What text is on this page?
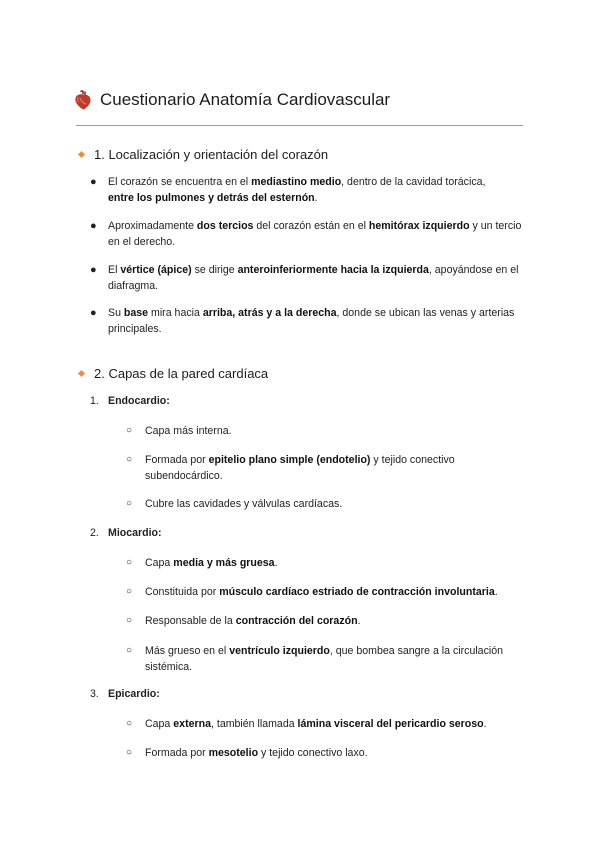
Cuestionario Anatomía Cardiovascular
1. Localización y orientación del corazón
● El corazón se encuentra en el mediastino medio, dentro de la cavidad torácica,
entre los pulmones y detrás del esternón.
● Aproximadamente dos tercios del corazón están en el hemitórax izquierdo y un tercio en el derecho.
● El vértice (ápice) se dirige anteroinferiormente hacia la izquierda, apoyándose en el diafragma.
● Su base mira hacia arriba, atrás y a la derecha, donde se ubican las venas y arterias principales.
2. Capas de la pared cardíaca
1. Endocardio:
○ Capa más interna.
○ Formada por epitelio plano simple (endotelio) y tejido conectivo subendocárdico.
○ Cubre las cavidades y válvulas cardíacas.
2. Miocardio:
○ Capa media y más gruesa.
○ Constituida por músculo cardíaco estriado de contracción involuntaria.
○ Responsable de la contracción del corazón.
○ Más grueso en el ventrículo izquierdo, que bombea sangre a la circulación sistémica.
3. Epicardio:
○ Capa externa, también llamada lámina visceral del pericardio seroso.
○ Formada por mesotelio y tejido conectivo laxo.
